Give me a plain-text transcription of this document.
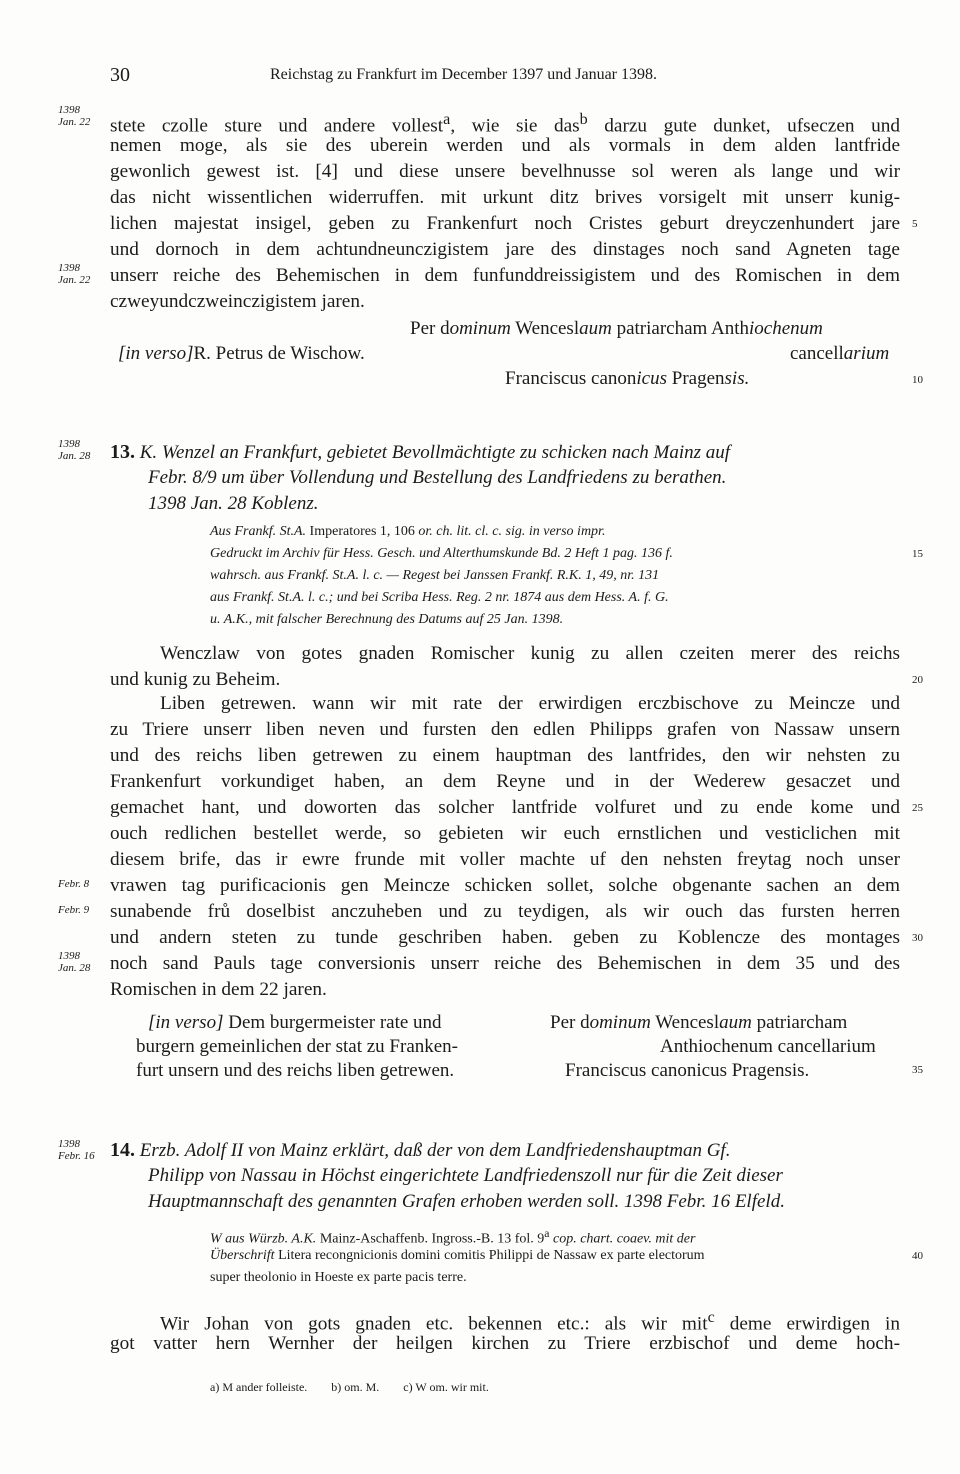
30	Reichstag zu Frankfurt im December 1397 und Januar 1398.
1398
Jan. 22	stete czolle sture und andere vollest$^a$, wie sie das$^b$ darzu gute dunket, ufseczen und
nemen moge, als sie des uberein werden und als vormals in dem alden lantfride
gewonlich gewest ist. [4] und diese unsere bevelhnusse sol weren als lange und wir
das nicht wissentlichen widerruffen. mit urkunt ditz brives vorsigelt mit unserr kunig-
lichen majestat insigel, geben zu Frankenfurt noch Cristes geburt dreyczenhundert jare 5
und dornoch in dem achtundneunczigistem jare des dinstages noch sand Agneten tage
1398
Jan. 22	unserr reiche des Behemischen in dem funfunddreissigistem und des Romischen in dem
czweyundczweinczigistem jaren.
Per dominum Wenceslaum patriarcham Anthiochenum
[in verso]R. Petrus de Wischow.	cancellarium
Franciscus canonicus Pragensis.	10
1398
Jan. 28 13. K. Wenzel an Frankfurt, gebietet Bevollmächtigte zu schicken nach Mainz auf
Febr. 8/9 um über Vollendung und Bestellung des Landfriedens zu berathen.
1398 Jan. 28 Koblenz.
Aus Frankf. St.A. Imperatores 1, 106 or. ch. lit. cl. c. sig. in verso impr.
Gedruckt im Archiv für Hess. Gesch. und Alterthumskunde Bd. 2 Heft 1 pag. 136 f.	15
wahrsch. aus Frankf. St.A. l. c. — Regest bei Janssen Frankf. R.K. 1, 49, nr. 131
aus Frankf. St.A. l. c.; und bei Scriba Hess. Reg. 2 nr. 1874 aus dem Hess. A. f. G.
u. A.K., mit falscher Berechnung des Datums auf 25 Jan. 1398.
Wenczlaw von gotes gnaden Romischer kunig zu allen czeiten merer des reichs
und kunig zu Beheim.	20
Liben getrewen. wann wir mit rate der erwirdigen erczbischove zu Meincze und
zu Triere unserr liben neven und fursten den edlen Philipps grafen von Nassaw unsern
und des reichs liben getrewen zu einem hauptman des lantfrides, den wir nehsten zu
Frankenfurt vorkundiget haben, an dem Reyne und in der Wederew gesaczet und
gemachet hant, und doworten das solcher lantfride volfuret und zu ende kome und 25
ouch redlichen bestellet werde, so gebieten wir euch ernstlichen und vesticlichen mit
diesem brife, das ir ewre frunde mit voller machte uf den nehsten freytag noch unser
Febr. 8	vrawen tag purificacionis gen Meincze schicken sollet, solche obgenante sachen an dem
Febr. 9	sunabende frů doselbist anczuheben und zu teydigen, als wir ouch das fursten herren
und andern steten zu tunde geschriben haben. geben zu Koblencze des montages 30
1398
Jan. 28	noch sand Pauls tage conversionis unserr reiche des Behemischen in dem 35 und des
Romischen in dem 22 jaren.
[in verso] Dem burgermeister rate und
burgern gemeinlichen der stat zu Franken-
furt unsern und des reichs liben getrewen.
Per dominum Wenceslaum patriarcham
Anthiochenum cancellarium
Franciscus canonicus Pragensis.	35
1398
Febr. 16 14. Erzb. Adolf II von Mainz erklärt, daß der von dem Landfriedenshauptman Gf.
Philipp von Nassau in Höchst eingerichtete Landfriedenszoll nur für die Zeit dieser
Hauptmannschaft des genannten Grafen erhoben werden soll. 1398 Febr. 16 Elfeld.
W aus Würzb. A.K. Mainz-Aschaffenb. Ingross.-B. 13 fol. 9$^a$ cop. chart. coaev. mit der
Überschrift Litera recongnicionis domini comitis Philippi de Nassaw ex parte electorum	40
super theolonio in Hoeste ex parte pacis terre.
Wir Johan von gots gnaden etc. bekennen etc.: als wir mit$^c$ deme erwirdigen in
got vatter hern Wernher der heilgen kirchen zu Triere erzbischof und deme hoch-
a) M ander folleiste. b) om. M. c) W om. wir mit.
